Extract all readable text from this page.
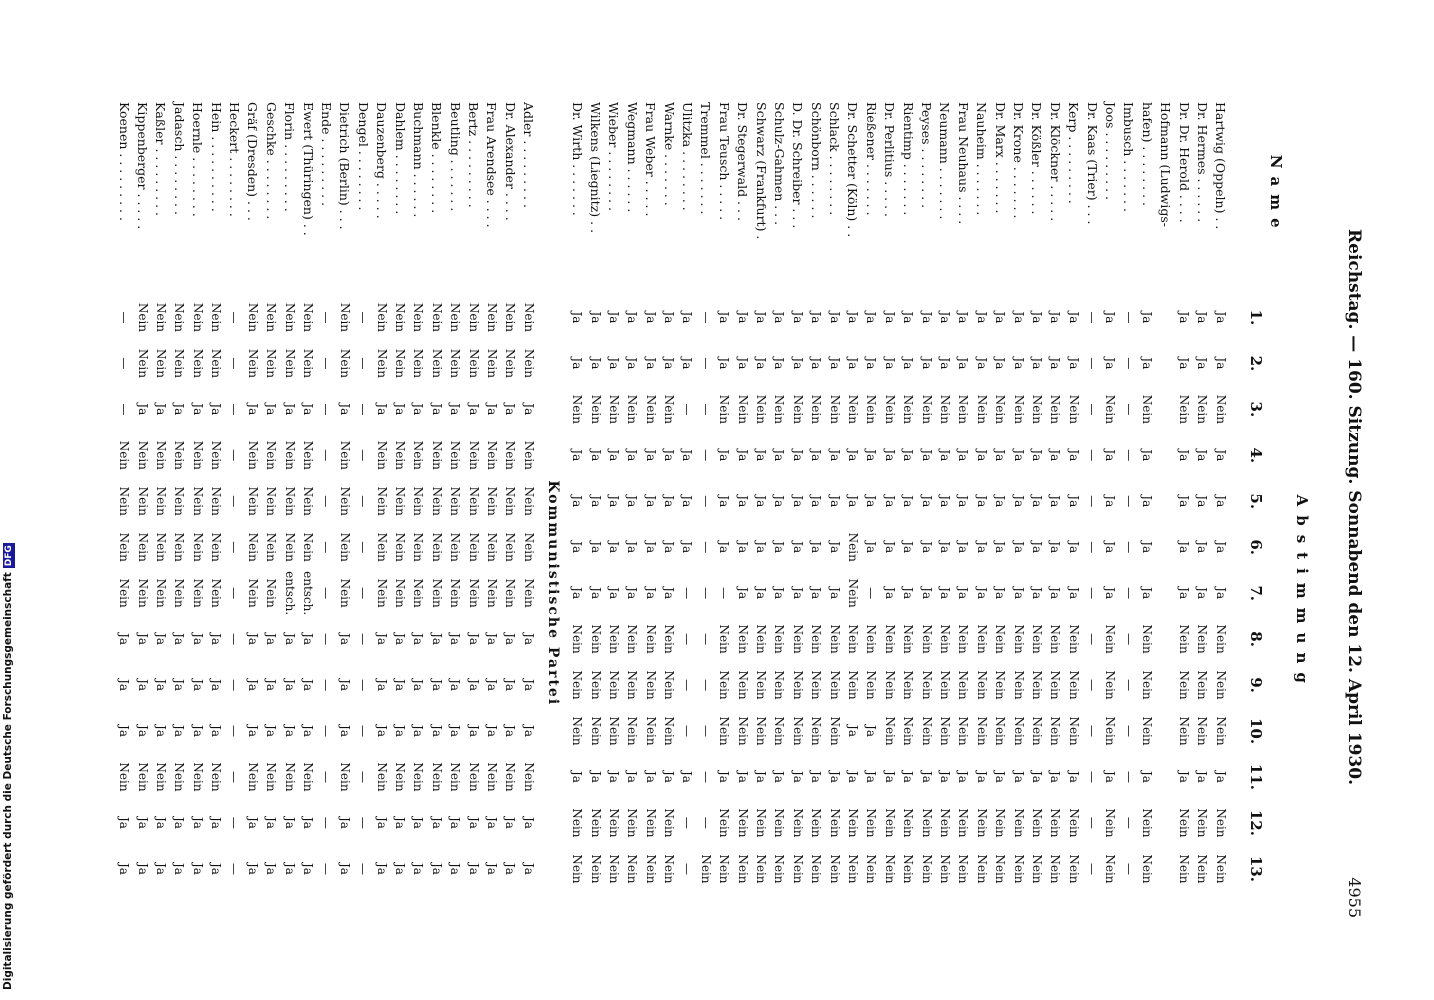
Reichstag. — 160. Sitzung. Sonnabend den 12. April 1930.
4955
Name	Abstimmung												
	1.	2.	3.	4.	5.	6.	7.	8.	9.	10.	11.	12.	13.
Hartwig (Oppeln) . .	Ja	Ja	Nein	Ja	Ja	Ja	Ja	Nein	Nein	Nein	Ja	Nein	Nein
Dr. Hermes . . . . . .	Ja	Ja	Nein	Ja	Ja	Ja	Ja	Nein	Nein	Nein	Ja	Nein	Nein
Dr. Dr. Herold . . . .	Ja	Ja	Nein	Ja	Ja	Ja	Ja	Nein	Nein	Nein	Ja	Nein	Nein
Hofmann (Ludwigs-													
hafen) . . . . . . . .	Ja	Ja	Nein	Ja	Ja	Ja	Ja	Nein	Nein	Nein	Ja	Nein	Nein
Imbusch . . . . . . .	—	—	—	—	—	—	—	—	—	—	—	—	—
Joos . . . . . . . . .	Ja	Ja	Nein	Ja	Ja	Ja	Ja	Nein	Nein	Nein	Ja	Nein	Nein
Dr. Kaas (Trier) . . .	—	—	—	—	—	—	—	—	—	—	—	—	—
Kerp . . . . . . . . .	Ja	Ja	Nein	Ja	Ja	Ja	Ja	Nein	Nein	Nein	Ja	Nein	Nein
Dr. Klöckner . . . . .	Ja	Ja	Nein	Ja	Ja	Ja	Ja	Nein	Nein	Nein	Ja	Nein	Nein
Dr. Kößler . . . . . .	Ja	Ja	Nein	Ja	Ja	Ja	Ja	Nein	Nein	Nein	Ja	Nein	Nein
Dr. Krone . . . . . . .	Ja	Ja	Nein	Ja	Ja	Ja	Ja	Nein	Nein	Nein	Ja	Nein	Nein
Dr. Marx . . . . . . .	Ja	Ja	Nein	Ja	Ja	Ja	Ja	Nein	Nein	Nein	Ja	Nein	Nein
Nauheim . . . . . . .	Ja	Ja	Nein	Ja	Ja	Ja	Ja	Nein	Nein	Nein	Ja	Nein	Nein
Frau Neuhaus . . . .	Ja	Ja	Nein	Ja	Ja	Ja	Ja	Nein	Nein	Nein	Ja	Nein	Nein
Neumann . . . . . . .	Ja	Ja	Nein	Ja	Ja	Ja	Ja	Nein	Nein	Nein	Ja	Nein	Nein
Peyses . . . . . . . .	Ja	Ja	Nein	Ja	Ja	Ja	Ja	Nein	Nein	Nein	Ja	Nein	Nein
Rientimp . . . . . . .	Ja	Ja	Nein	Ja	Ja	Ja	Ja	Nein	Nein	Nein	Ja	Nein	Nein
Dr. Perlitius . . . . .	Ja	Ja	Nein	Ja	Ja	Ja	Ja	Nein	Nein	Nein	Ja	Nein	Nein
Rießener . . . . . . .	Ja	Ja	Nein	Ja	Ja	Ja	—	Nein	Nein	Ja	Ja	Nein	Nein
Dr. Schetter (Köln) . .	Ja	Ja	Nein	Ja	Ja	Nein	Nein	Nein	Nein	Ja	Ja	Nein	Nein
Schlack . . . . . . . .	Ja	Ja	Nein	Ja	Ja	Ja	Ja	Nein	Nein	Nein	Ja	Nein	Nein
Schönborn . . . . . .	Ja	Ja	Nein	Ja	Ja	Ja	Ja	Nein	Nein	Nein	Ja	Nein	Nein
D. Dr. Schreiber . . .	Ja	Ja	Nein	Ja	Ja	Ja	Ja	Nein	Nein	Nein	Ja	Nein	Nein
Schulz-Gahmen . . .	Ja	Ja	Nein	Ja	Ja	Ja	Ja	Nein	Nein	Nein	Ja	Nein	Nein
Schwarz (Frankfurt) .	Ja	Ja	Nein	Ja	Ja	Ja	Ja	Nein	Nein	Nein	Ja	Nein	Nein
Dr. Stegerwald . . .	Ja	Ja	Nein	Ja	Ja	Ja	Ja	Nein	Nein	Nein	Ja	Nein	Nein
Frau Teusch . . . . .	Ja	Ja	Nein	Ja	Ja	Ja	—	Nein	Nein	Nein	Ja	Nein	Nein
Tremmel . . . . . . .	—	—	—	—	—	—	—	—	—	—	—	—	Nein
Ulitzka . . . . . . . .	Ja	Ja	—	Ja	Ja	Ja	—	—	—	—	Ja	—	—
Warnke . . . . . . .	Ja	Ja	Nein	Ja	Ja	Ja	Ja	Nein	Nein	Nein	Ja	Nein	Nein
Frau Weber . . . . .	Ja	Ja	Nein	Ja	Ja	Ja	Ja	Nein	Nein	Nein	Ja	Nein	Nein
Wegmann . . . . . .	Ja	Ja	Nein	Ja	Ja	Ja	Ja	Nein	Nein	Nein	Ja	Nein	Nein
Wieber . . . . . . . .	Ja	Ja	Nein	Ja	Ja	Ja	Ja	Nein	Nein	Nein	Ja	Nein	Nein
Wilkens (Liegnitz) . .	Ja	Ja	Nein	Ja	Ja	Ja	Ja	Nein	Nein	Nein	Ja	Nein	Nein
Dr. Wirth . . . . . . .	Ja	Ja	Nein	Ja	Ja	Ja	Ja	Nein	Nein	Nein	Ja	Nein	Nein
	Kommunistische Partei												
Adler . . . . . . . . .	Nein	Nein	Ja	Nein	Nein	Nein	Nein	Ja	Ja	Ja	Nein	Ja	Ja
Dr. Alexander . . . .	Nein	Nein	Ja	Nein	Nein	Nein	Nein	Ja	Ja	Ja	Nein	Ja	Ja
Frau Arendsee . . . .	Nein	Nein	Ja	Nein	Nein	Nein	Nein	Ja	Ja	Ja	Nein	Ja	Ja
Bertz . . . . . . . . .	Nein	Nein	Ja	Nein	Nein	Nein	Nein	Ja	Ja	Ja	Nein	Ja	Ja
Beutling . . . . . . .	Nein	Nein	Ja	Nein	Nein	Nein	Nein	Ja	Ja	Ja	Nein	Ja	Ja
Blenkle . . . . . . . .	Nein	Nein	Ja	Nein	Nein	Nein	Nein	Ja	Ja	Ja	Nein	Ja	Ja
Buchmann . . . . . .	Nein	Nein	Ja	Nein	Nein	Nein	Nein	Ja	Ja	Ja	Nein	Ja	Ja
Dahlem . . . . . . . .	Nein	Nein	Ja	Nein	Nein	Nein	Nein	Ja	Ja	Ja	Nein	Ja	Ja
Dauzenberg . . . . .	Nein	Nein	Ja	Nein	Nein	Nein	Nein	Ja	Ja	Ja	Nein	Ja	Ja
Dengel . . . . . . . .	—	—	—	—	—	—	—	—	—	—	—	—	—
Dietrich (Berlin) . . .	Nein	Nein	Ja	Nein	Nein	Nein	Nein	Ja	Ja	Ja	Nein	Ja	Ja
Ende . . . . . . . . .	—	—	—	—	—	—	—	—	—	—	—	—	—
Ewert (Thüringen) . .	Nein	Nein	Ja	Nein	Nein	Nein	entsch.	Ja	Ja	Ja	Nein	Ja	Ja
Florin . . . . . . . . .	Nein	Nein	Ja	Nein	Nein	Nein	entsch.	Ja	Ja	Ja	Nein	Ja	Ja
Geschke . . . . . . . .	Nein	Nein	Ja	Nein	Nein	Nein	Nein	Ja	Ja	Ja	Nein	Ja	Ja
Gräf (Dresden) . . .	Nein	Nein	Ja	Nein	Nein	Nein	Nein	Ja	Ja	Ja	Nein	Ja	Ja
Heckert . . . . . . . .	—	—	—	—	—	—	—	—	—	—	—	—	—
Hein . . . . . . . . . .	Nein	Nein	Ja	Nein	Nein	Nein	Nein	Ja	Ja	Ja	Nein	Ja	Ja
Hoernle . . . . . . . .	Nein	Nein	Ja	Nein	Nein	Nein	Nein	Ja	Ja	Ja	Nein	Ja	Ja
Jadasch . . . . . . . .	Nein	Nein	Ja	Nein	Nein	Nein	Nein	Ja	Ja	Ja	Nein	Ja	Ja
Kaßler . . . . . . . . .	Nein	Nein	Ja	Nein	Nein	Nein	Nein	Ja	Ja	Ja	Nein	Ja	Ja
Kippenberger . . . . .	Nein	Nein	Ja	Nein	Nein	Nein	Nein	Ja	Ja	Ja	Nein	Ja	Ja
Koenen . . . . . . . . .	—	—	—	Nein	Nein	Nein	Nein	Ja	Ja	Ja	Nein	Ja	Ja
Digitalisierung gefördert durch die Deutsche ForschungsgemeinschaftDFG
